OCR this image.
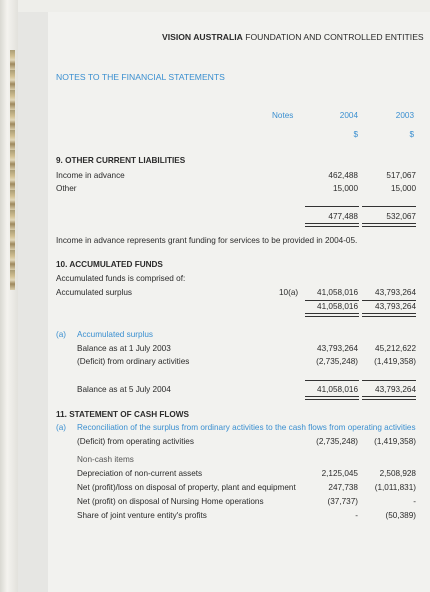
VISION AUSTRALIA FOUNDATION AND CONTROLLED ENTITIES
NOTES TO THE FINANCIAL STATEMENTS
Notes	2004	2003
$	$
9. OTHER CURRENT LIABILITIES
Income in advance	462,488	517,067
Other	15,000	15,000
477,488	532,067
Income in advance represents grant funding for services to be provided in 2004-05.
10. ACCUMULATED FUNDS
Accumulated funds is comprised of:
Accumulated surplus	10(a)	41,058,016	43,793,264
41,058,016	43,793,264
(a) Accumulated surplus
Balance as at 1 July 2003	43,793,264	45,212,622
(Deficit) from ordinary activities	(2,735,248)	(1,419,358)
Balance as at 5 July 2004	41,058,016	43,793,264
11. STATEMENT OF CASH FLOWS
(a) Reconciliation of the surplus from ordinary activities to the cash flows from operating activities
(Deficit) from operating activities	(2,735,248)	(1,419,358)
Non-cash items
Depreciation of non-current assets	2,125,045	2,508,928
Net (profit)/loss on disposal of property, plant and equipment	247,738	(1,011,831)
Net (profit) on disposal of Nursing Home operations	(37,737)	-
Share of joint venture entity's profits	-	(50,389)
